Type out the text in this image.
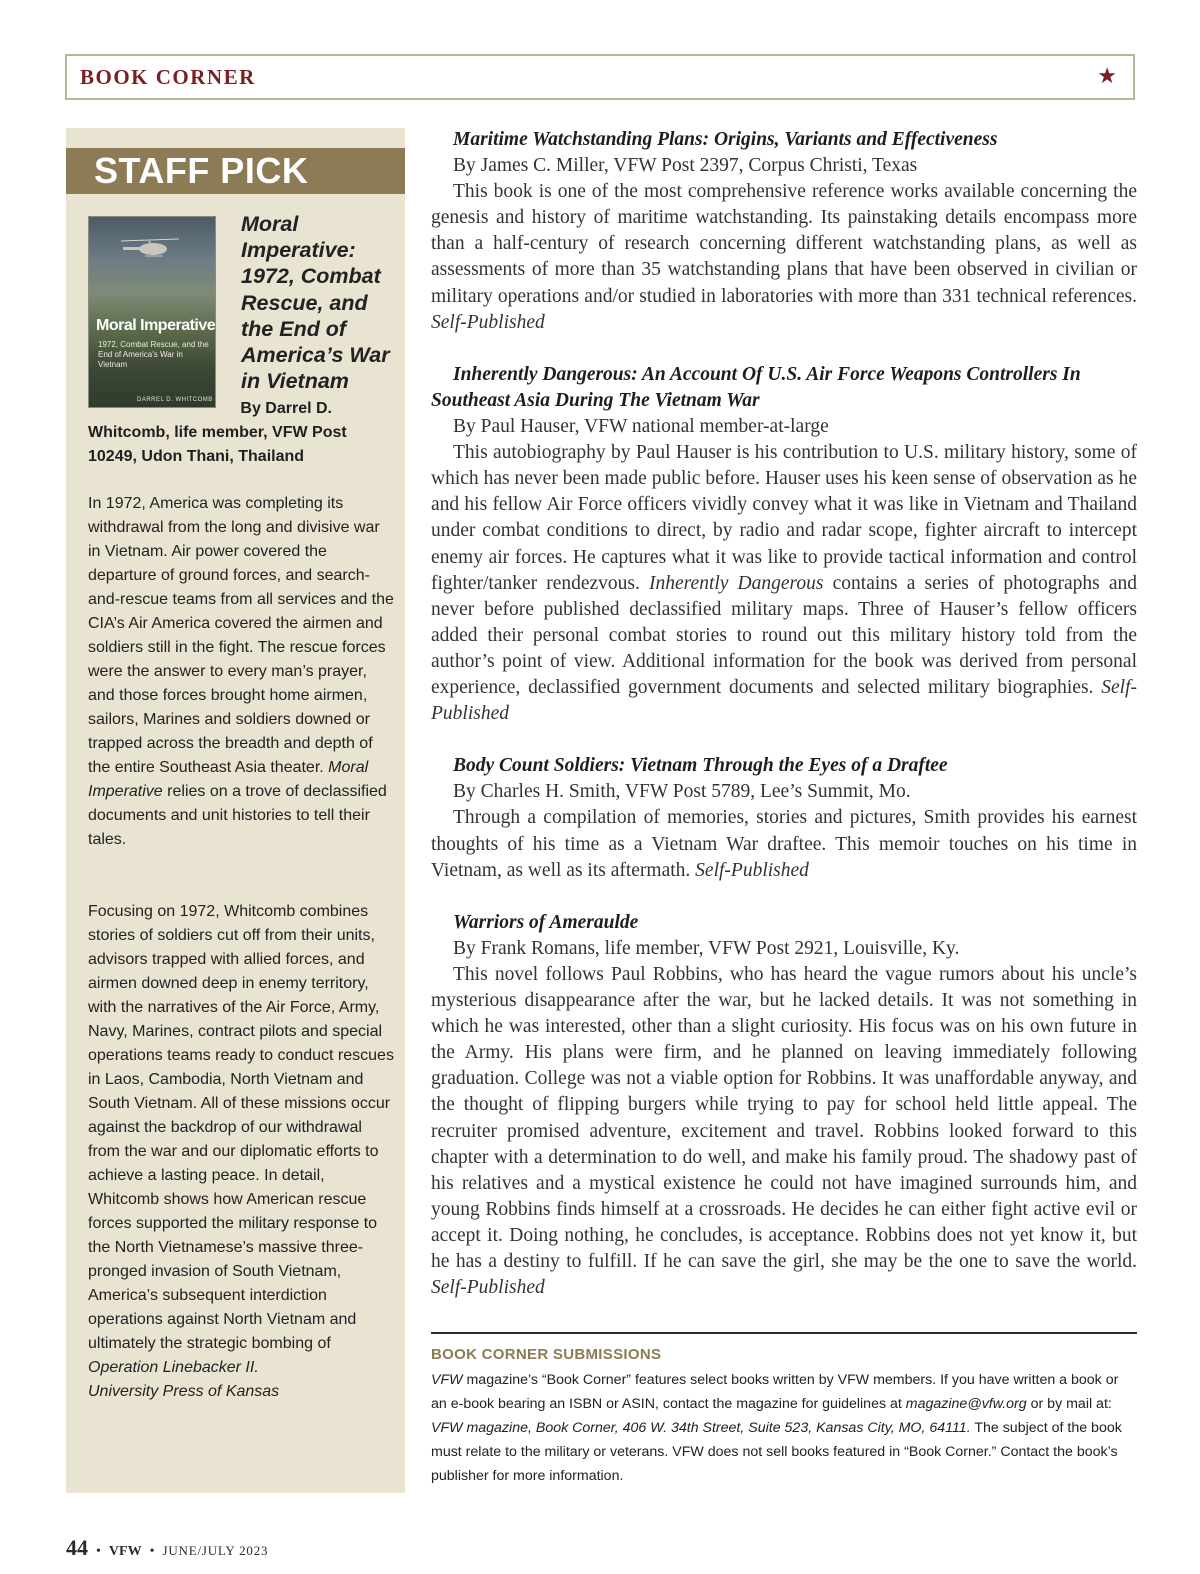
BOOK CORNER	★
STAFF PICK
Moral Imperative
1972, Combat Rescue, and the End of America's War in Vietnam
DARREL D. WHITCOMB
Moral Imperative: 1972, Combat Rescue, and the End of America’s War in Vietnam
By Darrel D.
Whitcomb, life member, VFW Post 10249, Udon Thani, Thailand

In 1972, America was completing its withdrawal from the long and divisive war in Vietnam. Air power covered the departure of ground forces, and search-and-rescue teams from all services and the CIA’s Air America covered the airmen and soldiers still in the fight. The rescue forces were the answer to every man’s prayer, and those forces brought home airmen, sailors, Marines and soldiers downed or trapped across the breadth and depth of the entire Southeast Asia theater. Moral Imperative relies on a trove of declassified documents and unit histories to tell their tales.

Focusing on 1972, Whitcomb combines stories of soldiers cut off from their units, advisors trapped with allied forces, and airmen downed deep in enemy territory, with the narratives of the Air Force, Army, Navy, Marines, contract pilots and special operations teams ready to conduct rescues in Laos, Cambodia, North Vietnam and South Vietnam. All of these missions occur against the backdrop of our withdrawal from the war and our diplomatic efforts to achieve a lasting peace. In detail, Whitcomb shows how American rescue forces supported the military response to the North Vietnamese’s massive three-pronged invasion of South Vietnam, America’s subsequent interdiction operations against North Vietnam and ultimately the strategic bombing of Operation Linebacker II.
University Press of Kansas

Maritime Watchstanding Plans: Origins, Variants and Effectiveness
By James C. Miller, VFW Post 2397, Corpus Christi, Texas
This book is one of the most comprehensive reference works available concerning the genesis and history of maritime watchstanding. Its painstaking details encompass more than a half-century of research concerning different watchstanding plans, as well as assessments of more than 35 watchstanding plans that have been observed in civilian or military operations and/or studied in laboratories with more than 331 technical references. Self-Published
Inherently Dangerous: An Account Of U.S. Air Force Weapons Controllers In Southeast Asia During The Vietnam War
By Paul Hauser, VFW national member-at-large
This autobiography by Paul Hauser is his contribution to U.S. military history, some of which has never been made public before. Hauser uses his keen sense of observation as he and his fellow Air Force officers vividly convey what it was like in Vietnam and Thailand under combat conditions to direct, by radio and radar scope, fighter aircraft to intercept enemy air forces. He captures what it was like to provide tactical information and control fighter/tanker rendezvous. Inherently Dangerous contains a series of photographs and never before published declassified military maps. Three of Hauser’s fellow officers added their personal combat stories to round out this military history told from the author’s point of view. Additional information for the book was derived from personal experience, declassified government documents and selected military biographies. Self-Published
Body Count Soldiers: Vietnam Through the Eyes of a Draftee
By Charles H. Smith, VFW Post 5789, Lee’s Summit, Mo.
Through a compilation of memories, stories and pictures, Smith provides his earnest thoughts of his time as a Vietnam War draftee. This memoir touches on his time in Vietnam, as well as its aftermath. Self-Published
Warriors of Ameraulde
By Frank Romans, life member, VFW Post 2921, Louisville, Ky.
This novel follows Paul Robbins, who has heard the vague rumors about his uncle’s mysterious disappearance after the war, but he lacked details. It was not something in which he was interested, other than a slight curiosity. His focus was on his own future in the Army. His plans were firm, and he planned on leaving immediately following graduation. College was not a viable option for Robbins. It was unaffordable anyway, and the thought of flipping burgers while trying to pay for school held little appeal. The recruiter promised adventure, excitement and travel. Robbins looked forward to this chapter with a determination to do well, and make his family proud. The shadowy past of his relatives and a mystical existence he could not have imagined surrounds him, and young Robbins finds himself at a crossroads. He decides he can either fight active evil or accept it. Doing nothing, he concludes, is acceptance. Robbins does not yet know it, but he has a destiny to fulfill. If he can save the girl, she may be the one to save the world. Self-Published
BOOK CORNER SUBMISSIONS
VFW magazine’s “Book Corner” features select books written by VFW members. If you have written a book or an e-book bearing an ISBN or ASIN, contact the magazine for guidelines at magazine@vfw.org or by mail at: VFW magazine, Book Corner, 406 W. 34th Street, Suite 523, Kansas City, MO, 64111. The subject of the book must relate to the military or veterans. VFW does not sell books featured in “Book Corner.” Contact the book’s publisher for more information.
44 • VFW • JUNE/JULY 2023
